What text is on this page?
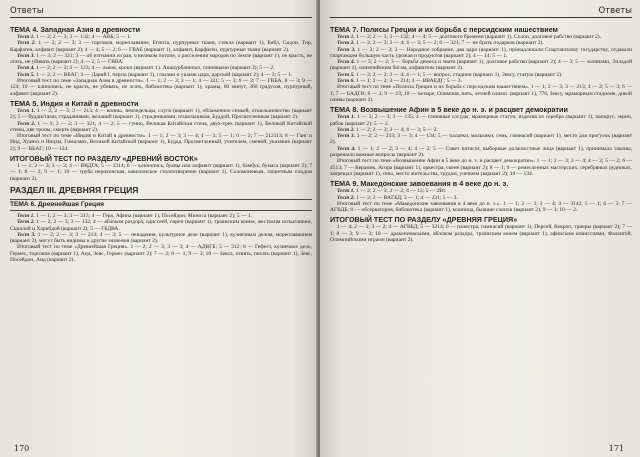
Ответы
ТЕМА 4. Западная Азия в древности

Тест 1. 1 — 2; 2 — 3; 3 — 132; 4 — АВБ; 5 — 1.

Тест 2. 1 — 2; 2 — 3; 3 — торговля, мореплавание, Египта, пурпурные ткани, стекла (вариант 1), Библ, Сидон, Тир, Карфаген, алфавит (вариант 2); 4 — 4; 5 — 2; 6 — ГВАБ (вариант 1), алфавит, Карфаген, пурпурные ткани (вариант 2).

Тест 3. 1 — 3; 2 — 321; 3 — об изгнании из рая, о великом потопе, о расселении народов по Земле (вариант 1), не красть, не лгать, не убивать (вариант 2); 4 — 2; 5 — ГВВА.

Тест 4. 1 — 2; 2 — 3; 3 — 123; 4 — львов, кроки (вариант 1). Ашшурбанипал, глиняными (вариант 2); 5 — 2.

Тест 5. 1 — 2; 2 — ВБАГ; 3 — Дарий I, персы (вариант 1), глазами и ушами царя, царской (вариант 2); 4 — 3; 5 — 1.

Итоговый тест по теме «Западная Азия в древности». 1 — 1; 2 — 3; 3 — 1; 4 — 321; 5 — 3; 6 — 2; 7 — ГВБА; 8 — 3; 9 — 124; 10 — клинопись, не красть, не убивать, не лгать, библиотека (вариант 1), храмы, 60 минут, 360 градусов, пурпурный, алфавит (вариант 2).

ТЕМА 5. Индия и Китай в древности

Тест 1. 1 — 2; 2 — 3; 3 — 213; 4 — воины, земледельцы, слуги (вариант 1), облаженное семьей, отшельничество (вариант 2); 5 — буддистами, страданиями, желаний (вариант 1), страдникиями, отшельником, Буддой, Просветленным (вариант 2).

Тест 2. 1 — 1; 2 — 2; 3 — 321; 4 — 2; 5 — гунно, Великая Китайская стена, двух-трех (вариант 1), Великой Китайской стены, две тропы, смерть (вариант 2).

Итоговый тест по теме «Индия и Китай в древности». 1 — 1; 2 — 3; 3 — 4; 4 — 3; 5 — 1; 6 — 2; 7 — 212113; 8 — Ганг и Инд, Хуанхэ и Янцзы, Гималаях, Великой Китайской (вариант 1), Будда, Просветленный, учителем, сменой, указание (вариант 2); 9 — ВБАГ; 10 — 124.

ИТОГОВЫЙ ТЕСТ ПО РАЗДЕЛУ «ДРЕВНИЙ ВОСТОК»

1 — 1; 2 — 3; 3 — 3; 4 — ВВДГА; 5 — 2314; 6 — клинопись, буквы или алфавит (вариант 1), бамбук, бумага (вариант 2); 7 — 1; 8 — 2; 9 — 1; 10 — труба иерихонская, вавилонское столпотворение (вариант 1), Соломоновым, запретным плодом (вариант 2).

РАЗДЕЛ III. ДРЕВНЯЯ ГРЕЦИЯ
ТЕМА 6. Древнейшая Греция

Тест 1. 1 — 1; 2 — 3; 3 — 213; 4 — Гера, Афина (вариант 1), Посейдон, Миноса (вариант 2); 5 — 1.

Тест 2. 1 — 2; 2 — 3; 3 — 132; 4 — яблоком раздора, одиссеей, сирен (вариант 1), троянским конем, жестоким испытанием, Сциллой и Харибдой (вариант 2); 5 — ГБДВА.

Тест 3. 1 — 2; 2 — 3; 3 — 213; 4 — 3; 5 — непадения, культурное деле (вариант 1), кузнечным делом, мореплаванием (вариант 2), могут быть видимы и другие значения (вариант 2).

Итоговый тест по теме «Древнейшая Греция». 1 — 2; 2 — 3; 3 — 3; 4 — АДВГБ; 5 — 312; 6 — Гефест, кузнечное дело, Гермес, торговля (вариант 1), Аид, Зевс, Гермес (вариант 2); 7 — 2; 8 — 1; 9 — 3; 10 — Зевса, отнять, писать (вариант 1), Зевс, Посейдон, Аид (вариант 2).

170
Ответы
ТЕМА 7. Полисы Греции и их борьба с персидским нашествием

Тест 1. 1 — 2; 2 — 3; 3 — 132; 4 — 4; 5 — долгового бремени (вариант 1), Солон, долговое рабство (вариант 2).

Тест 2. 1 — 2; 2 — 3; 3 — 4; 4 — 3; 5 — 2; 6 — 321; 7 — не брать подарков (вариант 2).

Тест 3. 1 — 2; 2 — 3; 3 — Народное собрание, два царя (вариант 1), принадлежали Спартанскому государству, отдавали спартанцам большую часть урожая и продуктов (вариант 2); 4 — 14; 5 — 1.

Тест 4. 1 — 3; 2 — 2; 3 — борьба демоса и знати (вариант 1), долговое рабство (вариант 2); 4 — 3; 5 — эллинами, Элладой (вариант 1), олимпийским богам, алфавитом (вариант 2).

Тест 5. 1 — 2; 2 — 2; 3 — 4; 4 — 1; 5 — вопрос, стадион (вариант 1), Зевсу, статую (вариант 2).

Тест 6. 1 — 1; 2 — 2; 3 — 214; 4 — ВВАЕДГ; 5 — 3.

Итоговый тест по теме «Полисы Греции и их борьба с персидским нашествием». 1 — 1; 2 — 3; 3 — 213; 4 — 2; 5 — 3; 6 — 1; 7 — БАДГВ; 8 — 3; 9 — 23; 10 — четыре, Олимпия, пять, летней олимп. (вариант 1), 776, Зевсу, мраморным стадионе, дикой оливы (вариант 2).

ТЕМА 8. Возвышение Афин в 5 веке до н. э. и расцвет демократии

Тест 1. 1 — 3; 2 — 3; 3 — 135; 4 — глиняные сосуды, мраморные статуи, изделия из серебра (вариант 1), папирус, зерно, рабов (вариант 2); 5 — 2.

Тест 2. 1 — 2; 2 — 3; 3 — 4; 4 — 3; 5 — 2.

Тест 3. 1 — 2; 2 — 213; 3 — 3; 4 — 134; 5 — палатки, мальчики, семь, гимнасий (вариант 1), место для прогулок (вариант 2).

Тест 4. 1 — 1; 2 — 2; 3 — 4; 4 — 2; 5 — Совет пятисот, выборные должностные лица (вариант 1), принимало законы, разрешало важные вопросы (вариант 2).

Итоговый тест по теме «Возвышение Афин в 5 веке до н. э. и расцвет демократии». 1 — 1; 2 — 3; 3 — 4; 4 — 2; 5 — 2; 6 — 4513; 7 — Керамик, Агора (вариант 1), оркестра, скене (вариант 2); 8 — 1; 9 — ремесленных мастерских, серебряных рудниках, запрещал (вариант 1), сено, место жительства, трудом, учением (вариант 2); 10 — 134.

ТЕМА 9. Македонские завоевания в 4 веке до н. э.

Тест 1. 1 — 2; 2 — 3; 3 — 2; 4 — 13; 5 — 2Вт.

Тест 2. 1 — 2; 2 — ВАГБД; 3 — 1; 4 — 231; 5 — 3.

Итоговый тест по теме «Македонские завоевания в 4 веке до н. э.». 1 — 1; 2 — 3; 3 — 4; 4 — 3142; 5 — 1; 6 — 3; 7 — АГВДБ; 8 — обсерватория, библиотека (вариант 1), кошница, бывшие слонов (вариант 2); 9 — 3; 10 — 2.

ИТОГОВЫЙ ТЕСТ ПО РАЗДЕЛУ «ДРЕВНЯЯ ГРЕЦИЯ»

1 — 4; 2 — 3; 3 — 2; 4 — АГВБД; 5 — 3214; 6 — палестра, гимнасий (вариант 1), Персей, Кекроп, триеры (вариант 2); 7 — 1; 8 — 3; 9 — 3; 10 — дракониовскими, яблоком раздора, троянским конем (вариант 1), афинским комиссиями, Фалангой, Олимпийскими играми (вариант 2).

171
